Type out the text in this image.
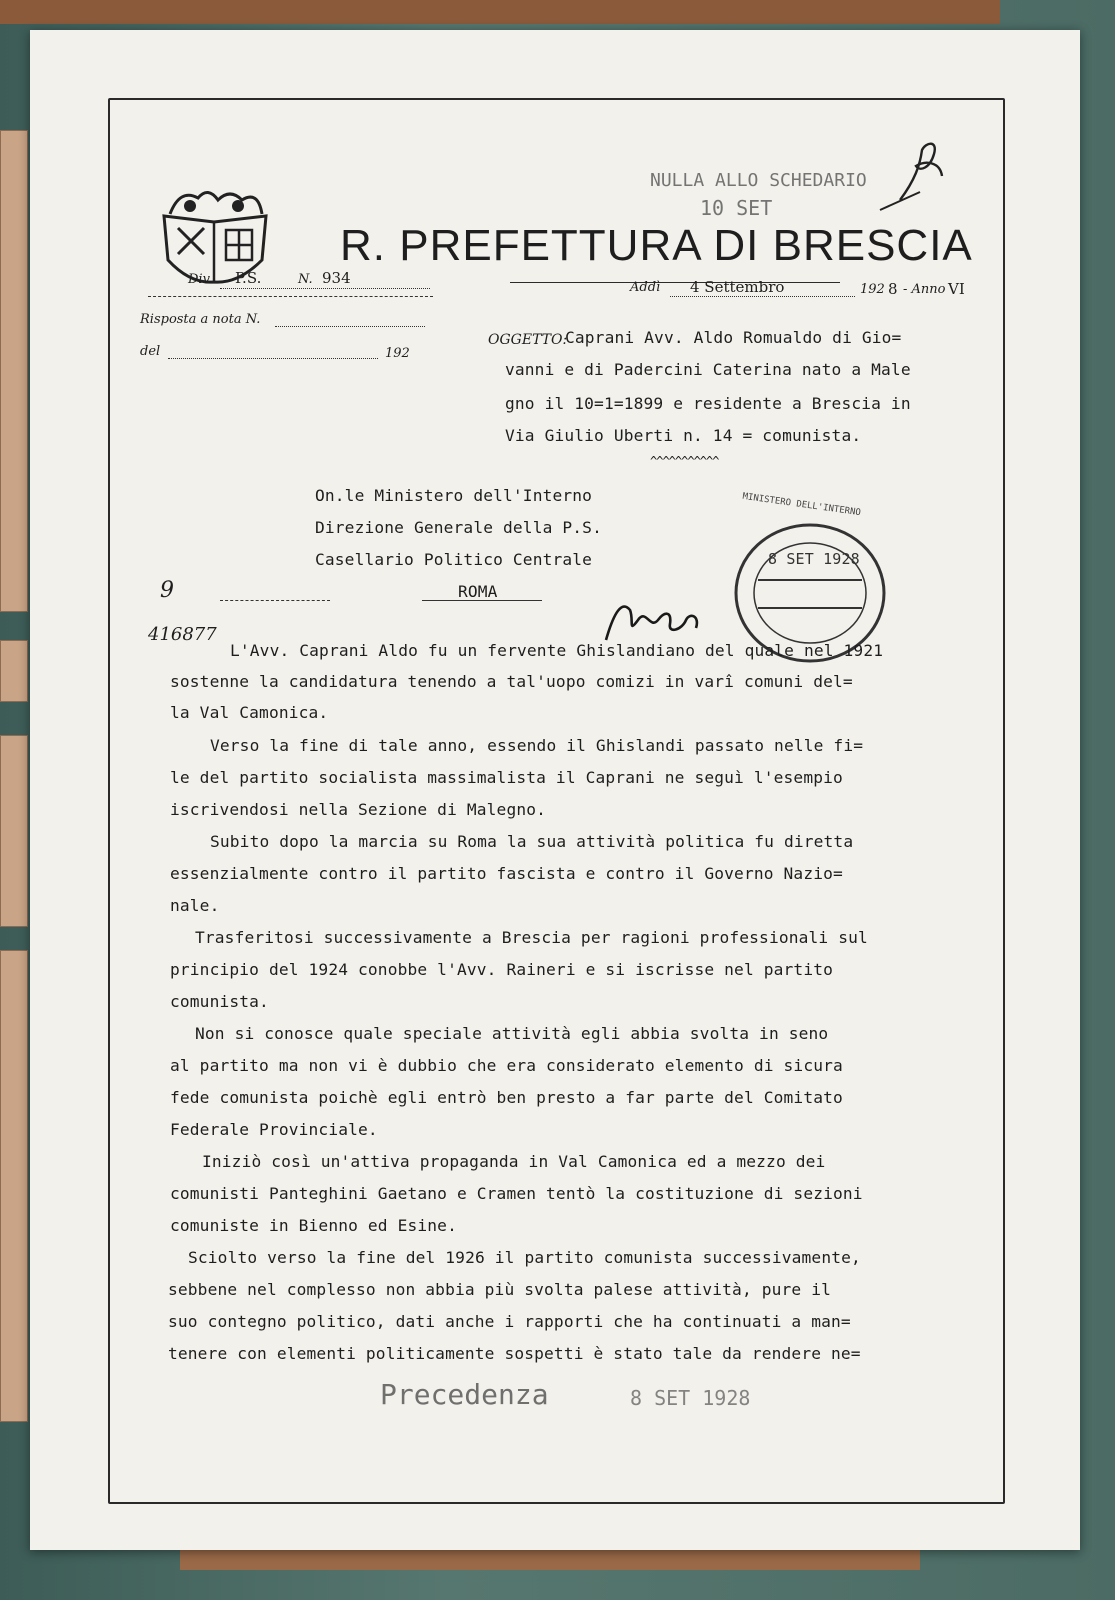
NULLA ALLO SCHEDARIO
10 SET
R. PREFETTURA DI BRESCIA
Div. P.S.	N. 934
Addì 4 Settembro	192 8 - Anno VI
Risposta a nota N.
del	192
OGGETTO:
Caprani Avv. Aldo Romualdo di Gio=
vanni e di Padercini Caterina nato a Male
gno il 10=1=1899 e residente a Brescia in
Via Giulio Uberti n. 14 = comunista.
^^^^^^^^^^^
On.le Ministero dell'Interno
Direzione Generale della P.S.
Casellario Politico Centrale
ROMA
8 SET 1928
MINISTERO DELL'INTERNO
9
416877
L'Avv. Caprani Aldo fu un fervente Ghislandiano del quale nel 1921
sostenne la candidatura tenendo a tal'uopo comizi in varî comuni del=
la Val Camonica.
Verso la fine di tale anno, essendo il Ghislandi passato nelle fi=
le del partito socialista massimalista il Caprani ne seguì l'esempio
iscrivendosi nella Sezione di Malegno.
Subito dopo la marcia su Roma la sua attività politica fu diretta
essenzialmente contro il partito fascista e contro il Governo Nazio=
nale.
Trasferitosi successivamente a Brescia per ragioni professionali sul
principio del 1924 conobbe l'Avv. Raineri e si iscrisse nel partito
comunista.
Non si conosce quale speciale attività egli abbia svolta in seno
al partito ma non vi è dubbio che era considerato elemento di sicura
fede comunista poichè egli entrò ben presto a far parte del Comitato
Federale Provinciale.
Iniziò così un'attiva propaganda in Val Camonica ed a mezzo dei
comunisti Panteghini Gaetano e Cramen tentò la costituzione di sezioni
comuniste in Bienno ed Esine.
Sciolto verso la fine del 1926 il partito comunista successivamente,
sebbene nel complesso non abbia più svolta palese attività, pure il
suo contegno politico, dati anche i rapporti che ha continuati a man=
tenere con elementi politicamente sospetti è stato tale da rendere ne=
Precedenza	8 SET 1928
